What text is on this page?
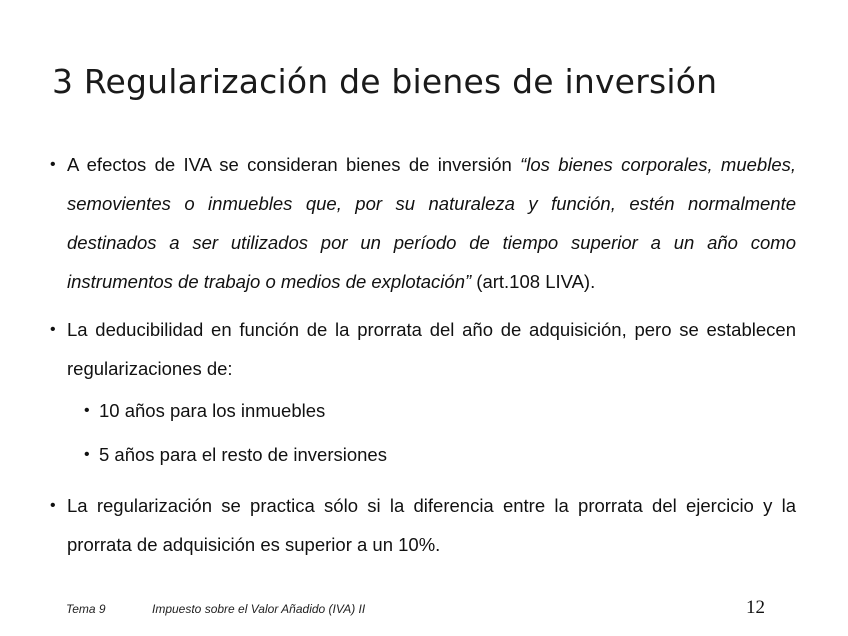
3 Regularización de bienes de inversión
• A efectos de IVA se consideran bienes de inversión “los bienes corporales, muebles, semovientes o inmuebles que, por su naturaleza y función, estén normalmente destinados a ser utilizados por un período de tiempo superior a un año como instrumentos de trabajo o medios de explotación” (art.108 LIVA).
• La deducibilidad en función de la prorrata del año de adquisición, pero se establecen regularizaciones de:
• 10 años para los inmuebles
• 5 años para el resto de inversiones
• La regularización se practica sólo si la diferencia entre la prorrata del ejercicio y la prorrata de adquisición es superior a un 10%.
Tema 9	Impuesto sobre el Valor Añadido (IVA) II	12
